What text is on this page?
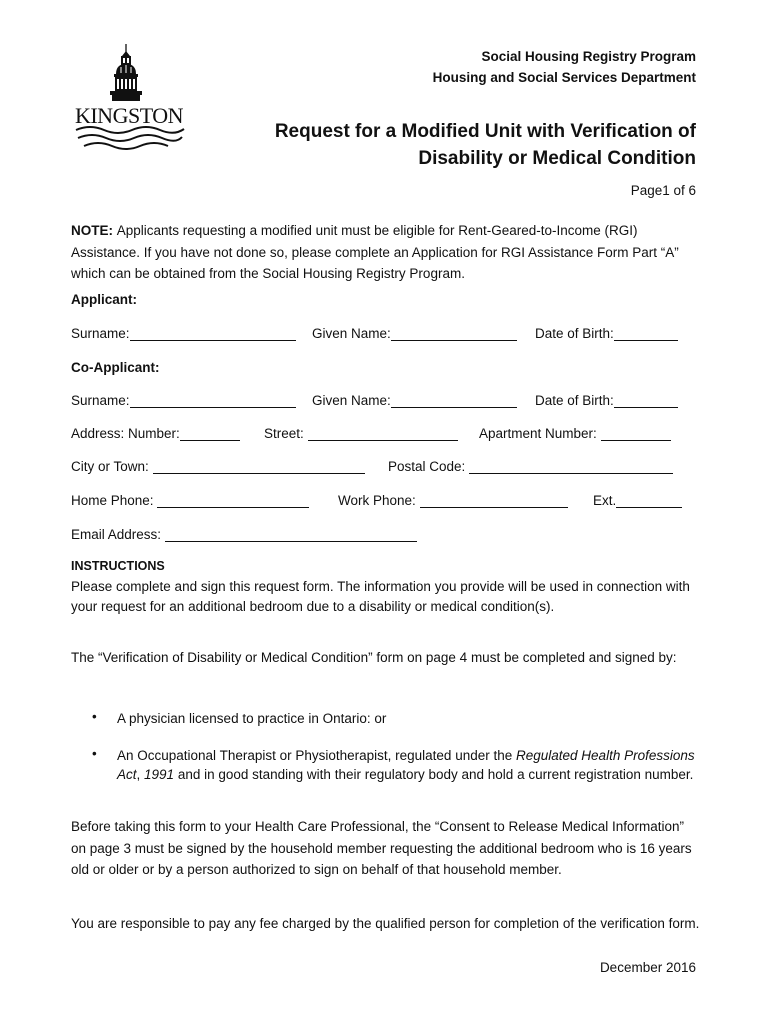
KINGSTON
Social Housing Registry Program
Housing and Social Services Department
Request for a Modified Unit with Verification of
Disability or Medical Condition
Page1 of 6
NOTE: Applicants requesting a modified unit must be eligible for Rent-Geared-to-Income (RGI) Assistance. If you have not done so, please complete an Application for RGI Assistance Form Part “A” which can be obtained from the Social Housing Registry Program.
Applicant:
Surname:	Given Name:	Date of Birth:
Co-Applicant:
Surname:	Given Name:	Date of Birth:
Address: Number:	Street:	Apartment Number:
City or Town:	Postal Code:
Home Phone:	Work Phone:	Ext.
Email Address:
INSTRUCTIONS
Please complete and sign this request form. The information you provide will be used in connection with your request for an additional bedroom due to a disability or medical condition(s).
The “Verification of Disability or Medical Condition” form on page 4 must be completed and signed by:
• A physician licensed to practice in Ontario: or
• An Occupational Therapist or Physiotherapist, regulated under the Regulated Health Professions Act, 1991 and in good standing with their regulatory body and hold a current registration number.
Before taking this form to your Health Care Professional, the “Consent to Release Medical Information” on page 3 must be signed by the household member requesting the additional bedroom who is 16 years old or older or by a person authorized to sign on behalf of that household member.
You are responsible to pay any fee charged by the qualified person for completion of the verification form.
December 2016
